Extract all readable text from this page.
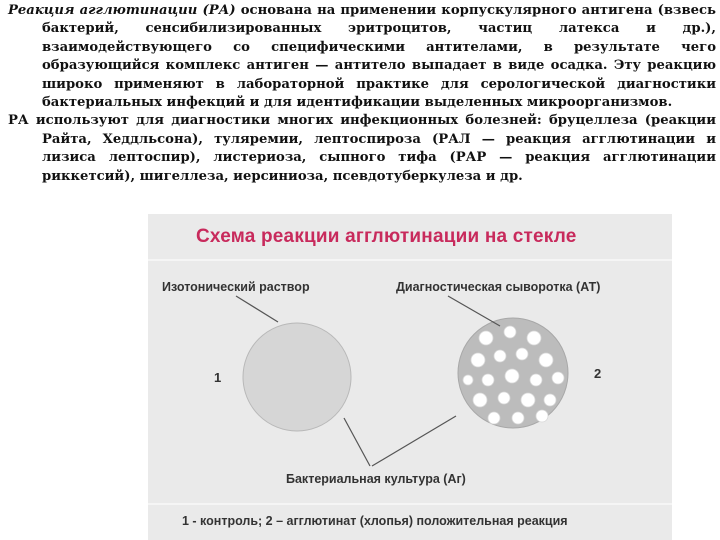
Реакция агглютинации (РА) основана на применении корпускулярного антигена (взвесь бактерий, сенсибилизированных эритроцитов, частиц латекса и др.), взаимодействующего со специфическими антителами, в результате чего образующийся комплекс антиген — антитело выпадает в виде осадка. Эту реакцию широко применяют в лабораторной практике для серологической диагностики бактериальных инфекций и для идентификации выделенных микроорганизмов.

РА используют для диагностики многих инфекционных болезней: бруцеллеза (реакции Райта, Хеддльсона), туляремии, лептоспироза (РАЛ — реакция агглютинации и лизиса лептоспир), листериоза, сыпного тифа (РАР — реакция агглютинации риккетсий), шигеллеза, иерсиниоза, псевдотуберкулеза и др.

Схема реакции агглютинации на стекле
Изотонический раствор	Диагностическая сыворотка (АТ)
1	2
Бактериальная культура (Аг)
1 - контроль; 2 – агглютинат (хлопья) положительная реакция
